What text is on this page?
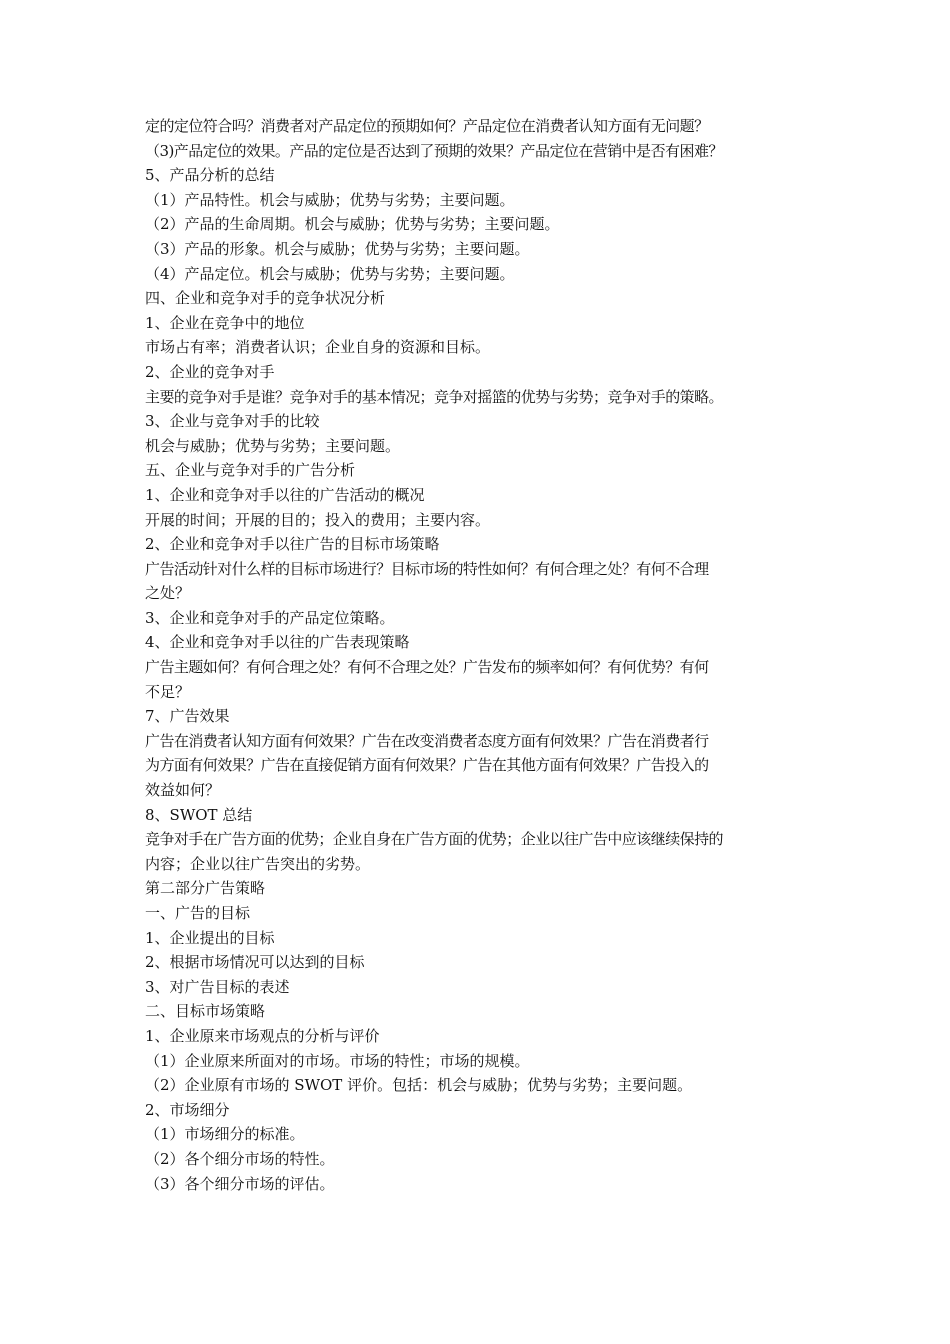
定的定位符合吗？消费者对产品定位的预期如何？产品定位在消费者认知方面有无问题？
（3)产品定位的效果。产品的定位是否达到了预期的效果？产品定位在营销中是否有困难？
5、产品分析的总结
（1）产品特性。机会与威胁；优势与劣势；主要问题。
（2）产品的生命周期。机会与威胁；优势与劣势；主要问题。
（3）产品的形象。机会与威胁；优势与劣势；主要问题。
（4）产品定位。机会与威胁；优势与劣势；主要问题。
四、企业和竞争对手的竞争状况分析
1、企业在竞争中的地位
市场占有率；消费者认识；企业自身的资源和目标。
2、企业的竞争对手
主要的竞争对手是谁？竞争对手的基本情况；竞争对摇篮的优势与劣势；竞争对手的策略。
3、企业与竞争对手的比较
机会与威胁；优势与劣势；主要问题。
五、企业与竞争对手的广告分析
1、企业和竞争对手以往的广告活动的概况
开展的时间；开展的目的；投入的费用；主要内容。
2、企业和竞争对手以往广告的目标市场策略
广告活动针对什么样的目标市场进行？目标市场的特性如何？有何合理之处？有何不合理
之处？
3、企业和竞争对手的产品定位策略。
4、企业和竞争对手以往的广告表现策略
广告主题如何？有何合理之处？有何不合理之处？广告发布的频率如何？有何优势？有何
不足？
7、广告效果
广告在消费者认知方面有何效果？广告在改变消费者态度方面有何效果？广告在消费者行
为方面有何效果？广告在直接促销方面有何效果？广告在其他方面有何效果？广告投入的
效益如何？
8、SWOT 总结
竞争对手在广告方面的优势；企业自身在广告方面的优势；企业以往广告中应该继续保持的
内容；企业以往广告突出的劣势。
第二部分广告策略
一、广告的目标
1、企业提出的目标
2、根据市场情况可以达到的目标
3、对广告目标的表述
二、目标市场策略
1、企业原来市场观点的分析与评价
（1）企业原来所面对的市场。市场的特性；市场的规模。
（2）企业原有市场的 SWOT 评价。包括：机会与威胁；优势与劣势；主要问题。
2、市场细分
（1）市场细分的标准。
（2）各个细分市场的特性。
（3）各个细分市场的评估。
